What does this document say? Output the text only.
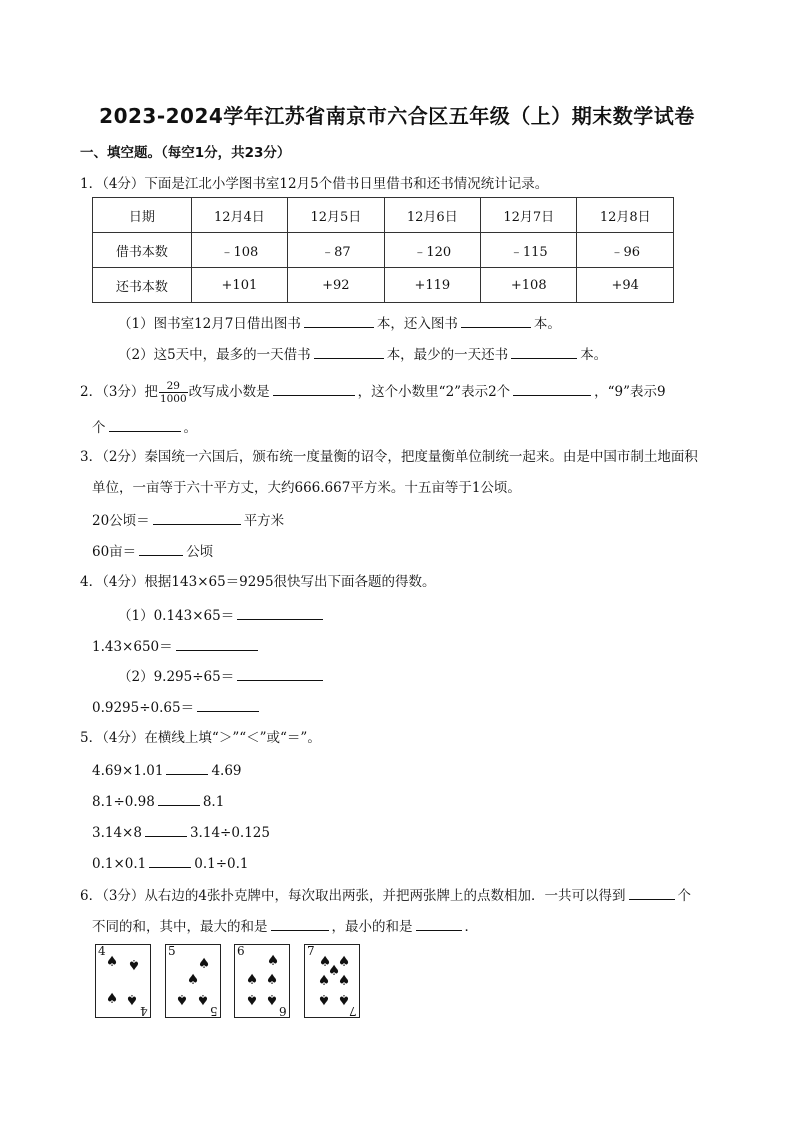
2023-2024学年江苏省南京市六合区五年级（上）期末数学试卷
一、填空题。（每空1分，共23分）
1．（4分）下面是江北小学图书室12月5个借书日里借书和还书情况统计记录。
日期	12月4日	12月5日	12月6日	12月7日	12月8日
借书本数	﹣108	﹣87	﹣120	﹣115	﹣96
还书本数	+101	+92	+119	+108	+94
（1）图书室12月7日借出图书	本，还入图书	本。
（2）这5天中，最多的一天借书	本，最少的一天还书	本。
2．（3分）把 $\frac{29}{1000}$ 改写成小数是	，这个小数里“2”表示2个	，“9”表示9
个	。
3．（2分）秦国统一六国后，颁布统一度量衡的诏令，把度量衡单位制统一起来。由是中国市制土地面积
单位，一亩等于六十平方丈，大约666.667平方米。十五亩等于1公顷。
20公顷＝	平方米
60亩＝	公顷
4．（4分）根据143×65＝9295很快写出下面各题的得数。
（1）0.143×65＝
1.43×650＝
（2）9.295÷65＝
0.9295÷0.65＝
5．（4分）在横线上填“＞”“＜”或“＝”。
4.69×1.01	4.69
8.1÷0.98	8.1
3.14×8	3.14÷0.125
0.1×0.1	0.1÷0.1
6．（3分）从右边的4张扑克牌中，每次取出两张，并把两张牌上的点数相加．一共可以得到	个
不同的和，其中，最大的和是	，最小的和是	．
4
♠ ♠
♠ ♠
4
5
♠
♠
♠ ♠
5
6
♠
♠ ♠
♠ ♠
6
7
♠ ♠
♠
♠ ♠
♠ ♠
7
